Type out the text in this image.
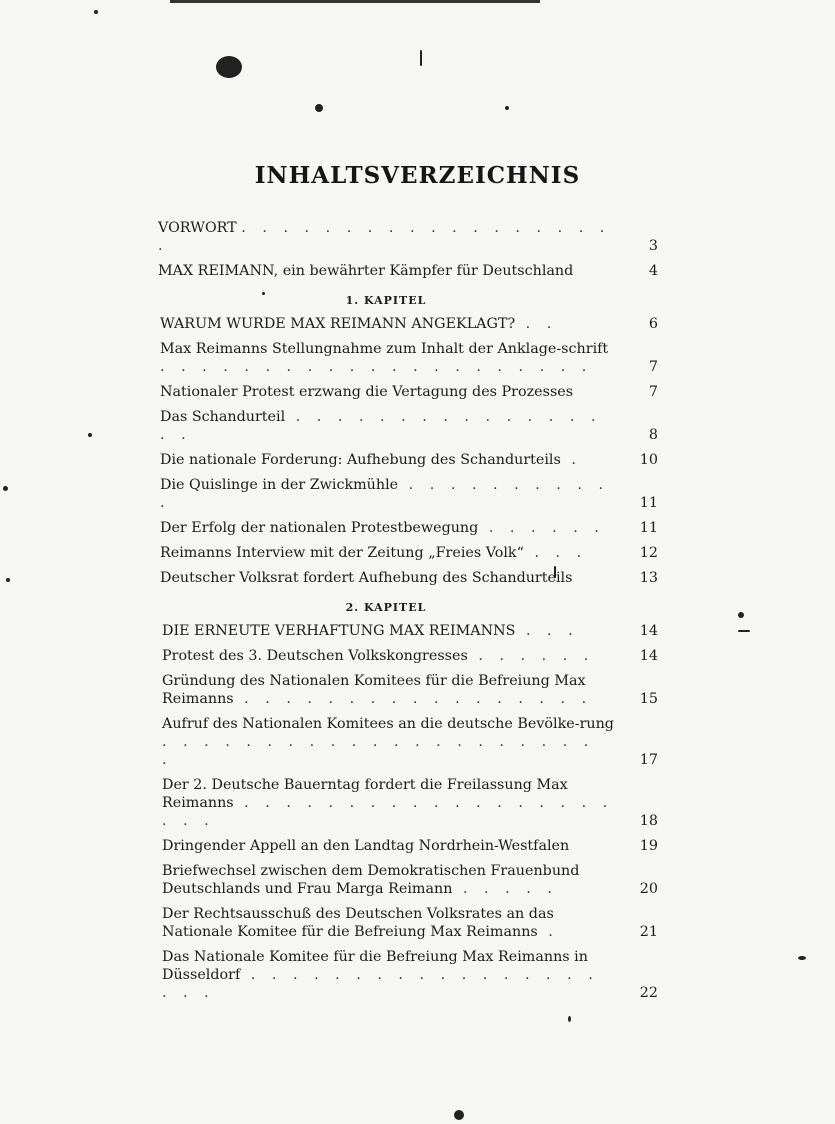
INHALTSVERZEICHNIS
VORWORT . . . . . . . . . . . . . . . . . . .	3
MAX REIMANN, ein bewährter Kämpfer für Deutschland	4
1. KAPITEL
WARUM WURDE MAX REIMANN ANGEKLAGT? . .	6
Max Reimanns Stellungnahme zum Inhalt der Anklage-schrift . . . . . . . . . . . . . . . . . . . . .	7
Nationaler Protest erzwang die Vertagung des Prozesses	7
Das Schandurteil . . . . . . . . . . . . . . . . .	8
Die nationale Forderung: Aufhebung des Schandurteils .	10
Die Quislinge in der Zwickmühle . . . . . . . . . . .	11
Der Erfolg der nationalen Protestbewegung . . . . . .	11
Reimanns Interview mit der Zeitung „Freies Volk“ . . .	12
Deutscher Volksrat fordert Aufhebung des Schandurteils	13
2. KAPITEL
DIE ERNEUTE VERHAFTUNG MAX REIMANNS . . .	14
Protest des 3. Deutschen Volkskongresses . . . . . .	14
Gründung des Nationalen Komitees für die Befreiung Max Reimanns . . . . . . . . . . . . . . . . .	15
Aufruf des Nationalen Komitees an die deutsche Bevölke-rung . . . . . . . . . . . . . . . . . . . . . .	17
Der 2. Deutsche Bauerntag fordert die Freilassung Max Reimanns . . . . . . . . . . . . . . . . . . . . .	18
Dringender Appell an den Landtag Nordrhein-Westfalen	19
Briefwechsel zwischen dem Demokratischen Frauenbund Deutschlands und Frau Marga Reimann . . . . .	20
Der Rechtsausschuß des Deutschen Volksrates an das Nationale Komitee für die Befreiung Max Reimanns .	21
Das Nationale Komitee für die Befreiung Max Reimanns in Düsseldorf . . . . . . . . . . . . . . . . . . . .	22
